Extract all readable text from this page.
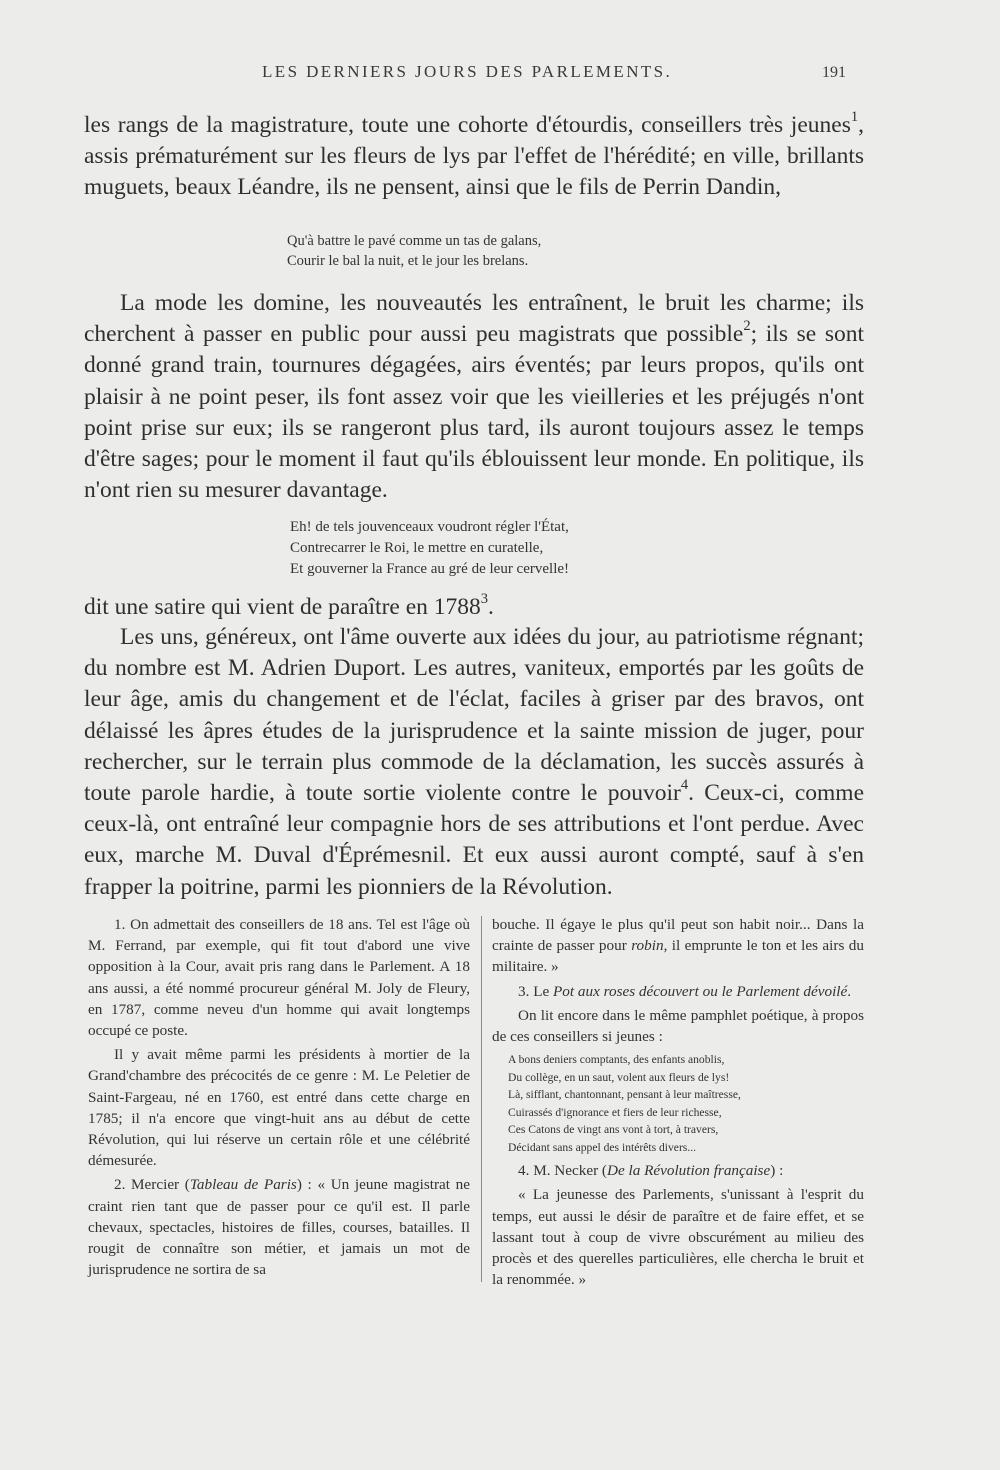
LES DERNIERS JOURS DES PARLEMENTS.	191

les rangs de la magistrature, toute une cohorte d'étourdis, conseillers très jeunes$^1$, assis prématurément sur les fleurs de lys par l'effet de l'hérédité; en ville, brillants muguets, beaux Léandre, ils ne pensent, ainsi que le fils de Perrin Dandin,

Qu'à battre le pavé comme un tas de galans,
Courir le bal la nuit, et le jour les brelans.

La mode les domine, les nouveautés les entraînent, le bruit les charme; ils cherchent à passer en public pour aussi peu magistrats que possible$^2$; ils se sont donné grand train, tournures dégagées, airs éventés; par leurs propos, qu'ils ont plaisir à ne point peser, ils font assez voir que les vieilleries et les préjugés n'ont point prise sur eux; ils se rangeront plus tard, ils auront toujours assez le temps d'être sages; pour le moment il faut qu'ils éblouissent leur monde. En politique, ils n'ont rien su mesurer davantage.

Eh! de tels jouvenceaux voudront régler l'État,
Contrecarrer le Roi, le mettre en curatelle,
Et gouverner la France au gré de leur cervelle!

dit une satire qui vient de paraître en 1788$^3$.

Les uns, généreux, ont l'âme ouverte aux idées du jour, au patriotisme régnant; du nombre est M. Adrien Duport. Les autres, vaniteux, emportés par les goûts de leur âge, amis du changement et de l'éclat, faciles à griser par des bravos, ont délaissé les âpres études de la jurisprudence et la sainte mission de juger, pour rechercher, sur le terrain plus commode de la déclamation, les succès assurés à toute parole hardie, à toute sortie violente contre le pouvoir$^4$. Ceux-ci, comme ceux-là, ont entraîné leur compagnie hors de ses attributions et l'ont perdue. Avec eux, marche M. Duval d'Éprémesnil. Et eux aussi auront compté, sauf à s'en frapper la poitrine, parmi les pionniers de la Révolution.

1. On admettait des conseillers de 18 ans. Tel est l'âge où M. Ferrand, par exemple, qui fit tout d'abord une vive opposition à la Cour, avait pris rang dans le Parlement. A 18 ans aussi, a été nommé procureur général M. Joly de Fleury, en 1787, comme neveu d'un homme qui avait longtemps occupé ce poste.

Il y avait même parmi les présidents à mortier de la Grand'chambre des précocités de ce genre : M. Le Peletier de Saint-Fargeau, né en 1760, est entré dans cette charge en 1785; il n'a encore que vingt-huit ans au début de cette Révolution, qui lui réserve un certain rôle et une célébrité démesurée.

2. Mercier (Tableau de Paris) : « Un jeune magistrat ne craint rien tant que de passer pour ce qu'il est. Il parle chevaux, spectacles, histoires de filles, courses, batailles. Il rougit de connaître son métier, et jamais un mot de jurisprudence ne sortira de sa

bouche. Il égaye le plus qu'il peut son habit noir... Dans la crainte de passer pour robin, il emprunte le ton et les airs du militaire. »

3. Le Pot aux roses découvert ou le Parlement dévoilé.

On lit encore dans le même pamphlet poétique, à propos de ces conseillers si jeunes :

A bons deniers comptants, des enfants anoblis,
Du collège, en un saut, volent aux fleurs de lys!
Là, sifflant, chantonnant, pensant à leur maîtresse,
Cuirassés d'ignorance et fiers de leur richesse,
Ces Catons de vingt ans vont à tort, à travers,
Décidant sans appel des intérêts divers...

4. M. Necker (De la Révolution française) :

« La jeunesse des Parlements, s'unissant à l'esprit du temps, eut aussi le désir de paraître et de faire effet, et se lassant tout à coup de vivre obscurément au milieu des procès et des querelles particulières, elle chercha le bruit et la renommée. »
